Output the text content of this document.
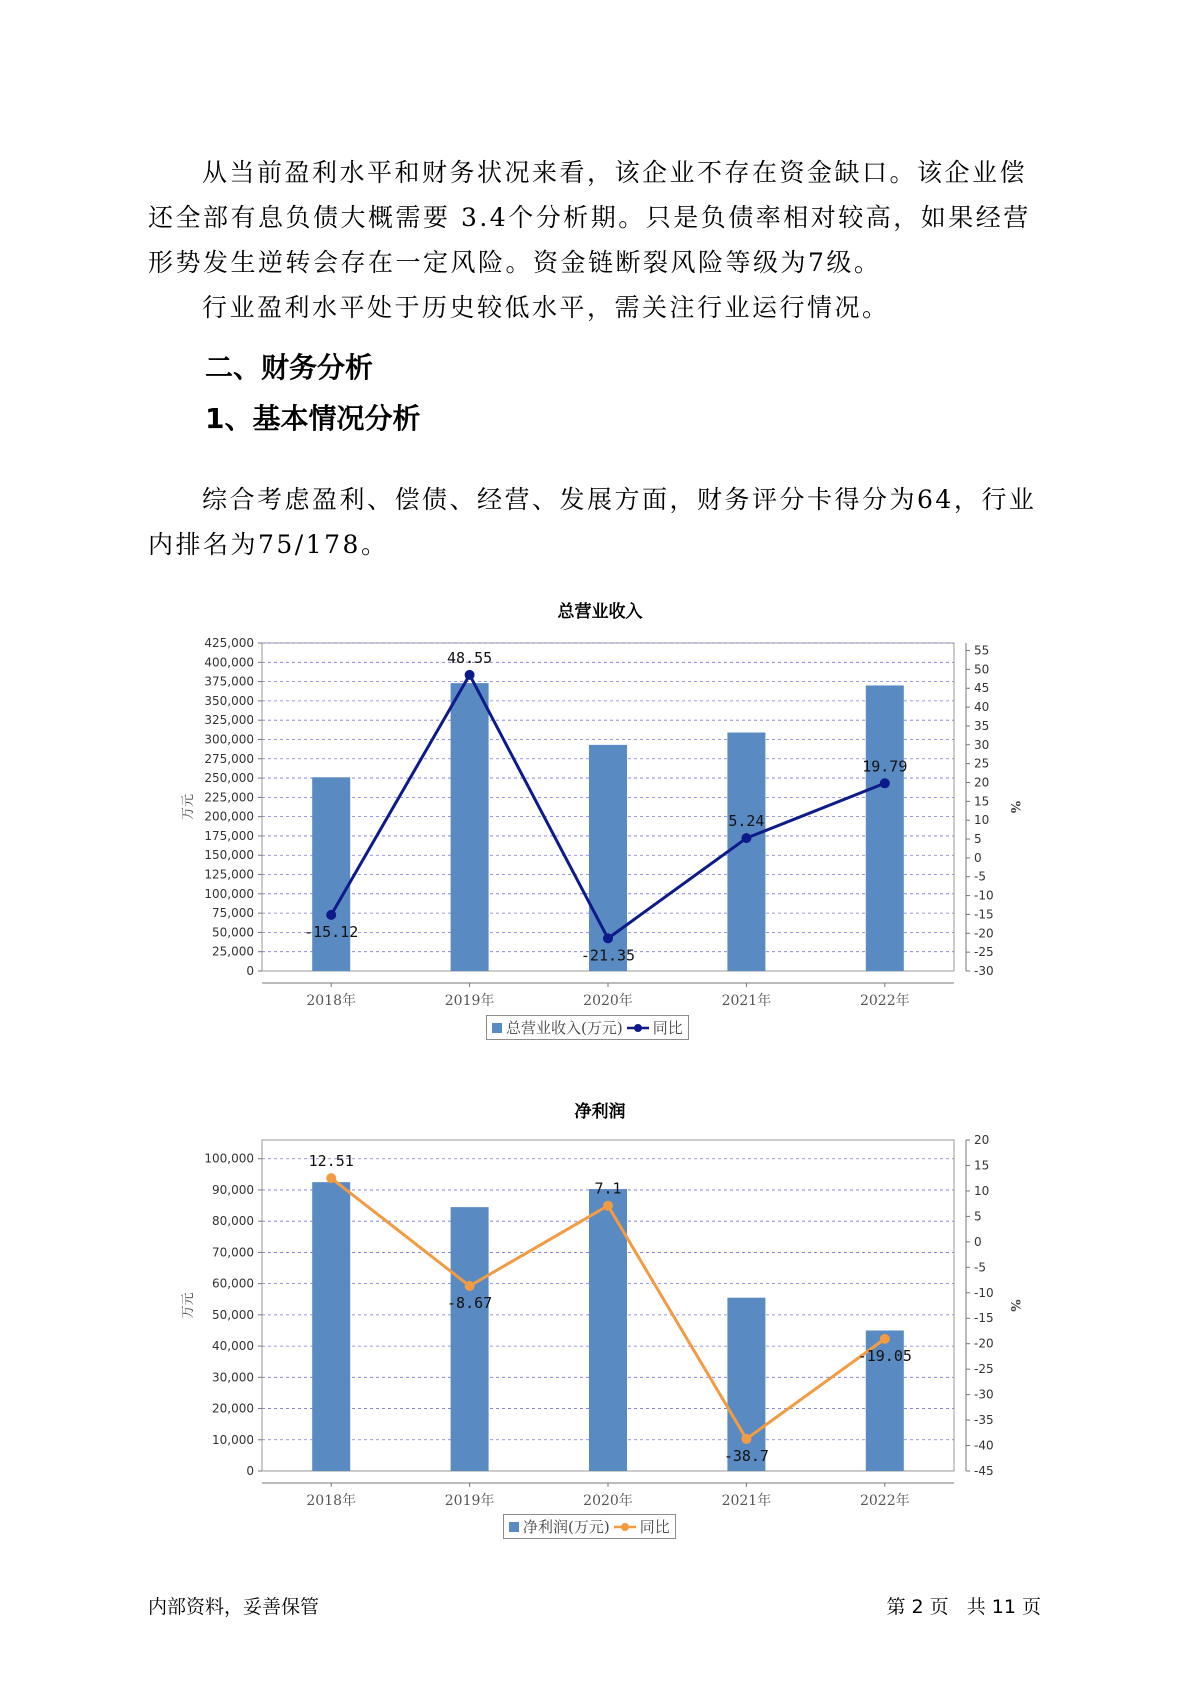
从当前盈利水平和财务状况来看，该企业不存在资金缺口。该企业偿还全部有息负债大概需要 3.4个分析期。只是负债率相对较高，如果经营形势发生逆转会存在一定风险。资金链断裂风险等级为7级。

行业盈利水平处于历史较低水平，需关注行业运行情况。

二、财务分析
1、基本情况分析

综合考虑盈利、偿债、经营、发展方面，财务评分卡得分为64，行业内排名为75/178。

总营业收入
0
25,000
50,000
75,000
100,000
125,000
150,000
175,000
200,000
225,000
250,000
275,000
300,000
325,000
350,000
375,000
400,000
425,000
55
50
45
40
35
30
25
20
15
10
5
0
-5
-10
-15
-20
-25
-30
万元	%
2018年	2019年	2020年	2021年	2022年
-15.12
48.55
-21.35
5.24
19.79
0
10,000
20,000
30,000
40,000
50,000
60,000
70,000
80,000
90,000
100,000
20
15
10
5
0
-5
-10
-15
-20
-25
-30
-35
-40
-45
万元	%
2018年	2019年	2020年	2021年	2022年
12.51
-8.67
7.1
-38.7
-19.05
总营业收入(万元) 同比
净利润
净利润(万元) 同比
内部资料，妥善保管	第 2 页   共 11 页
